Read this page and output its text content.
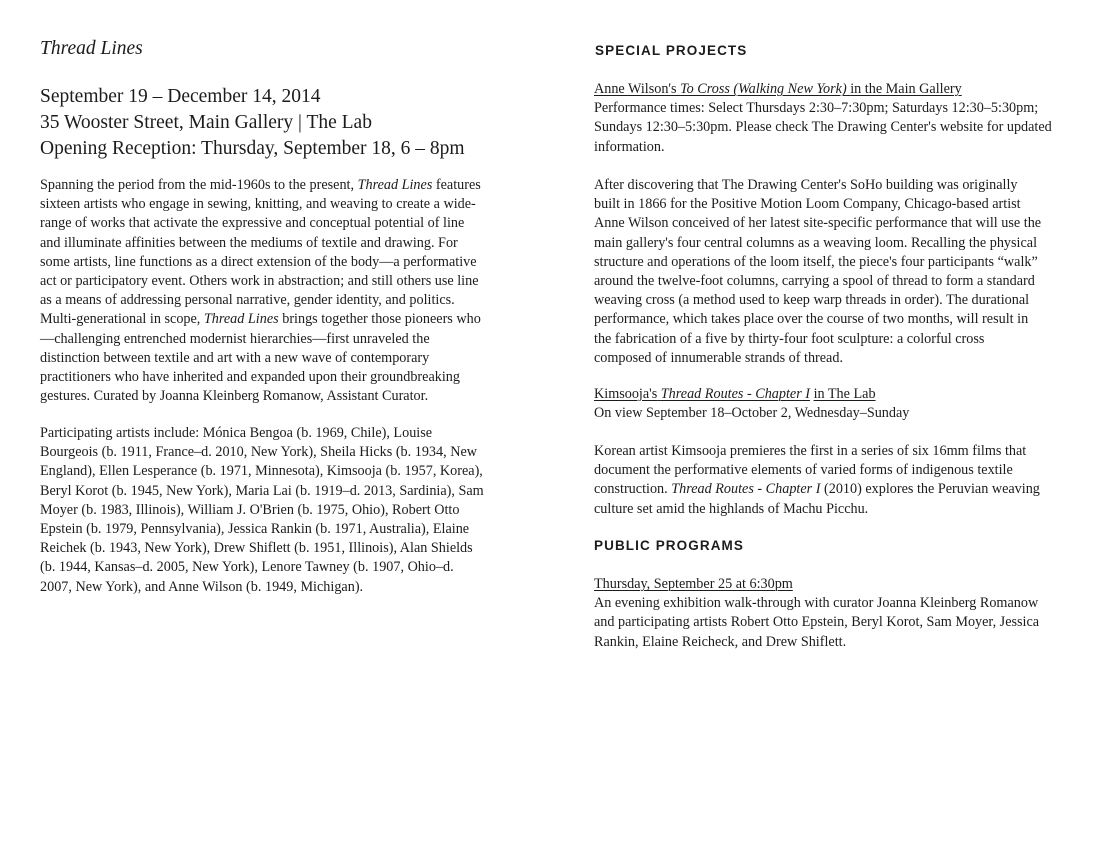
Thread Lines
September 19 – December 14, 2014
35 Wooster Street, Main Gallery | The Lab
Opening Reception: Thursday, September 18, 6 – 8pm

Spanning the period from the mid-1960s to the present, Thread Lines features sixteen artists who engage in sewing, knitting, and weaving to create a wide-range of works that activate the expressive and conceptual potential of line and illuminate affinities between the mediums of textile and drawing. For some artists, line functions as a direct extension of the body—a performative act or participatory event. Others work in abstraction; and still others use line as a means of addressing personal narrative, gender identity, and politics. Multi-generational in scope, Thread Lines brings together those pioneers who—challenging entrenched modernist hierarchies—first unraveled the distinction between textile and art with a new wave of contemporary practitioners who have inherited and expanded upon their groundbreaking gestures. Curated by Joanna Kleinberg Romanow, Assistant Curator.

Participating artists include: Mónica Bengoa (b. 1969, Chile), Louise Bourgeois (b. 1911, France–d. 2010, New York), Sheila Hicks (b. 1934, New England), Ellen Lesperance (b. 1971, Minnesota), Kimsooja (b. 1957, Korea), Beryl Korot (b. 1945, New York), Maria Lai (b. 1919–d. 2013, Sardinia), Sam Moyer (b. 1983, Illinois), William J. O'Brien (b. 1975, Ohio), Robert Otto Epstein (b. 1979, Pennsylvania), Jessica Rankin (b. 1971, Australia), Elaine Reichek (b. 1943, New York), Drew Shiflett (b. 1951, Illinois), Alan Shields (b. 1944, Kansas–d. 2005, New York), Lenore Tawney (b. 1907, Ohio–d. 2007, New York), and Anne Wilson (b. 1949, Michigan).

SPECIAL PROJECTS

Anne Wilson's To Cross (Walking New York) in the Main Gallery

Performance times: Select Thursdays 2:30–7:30pm; Saturdays 12:30–5:30pm; Sundays 12:30–5:30pm. Please check The Drawing Center's website for updated information.

After discovering that The Drawing Center's SoHo building was originally built in 1866 for the Positive Motion Loom Company, Chicago-based artist Anne Wilson conceived of her latest site-specific performance that will use the main gallery's four central columns as a weaving loom. Recalling the physical structure and operations of the loom itself, the piece's four participants “walk” around the twelve-foot columns, carrying a spool of thread to form a standard weaving cross (a method used to keep warp threads in order). The durational performance, which takes place over the course of two months, will result in the fabrication of a five by thirty-four foot sculpture: a colorful cross composed of innumerable strands of thread.

Kimsooja's Thread Routes - Chapter I in The Lab

On view September 18–October 2, Wednesday–Sunday

Korean artist Kimsooja premieres the first in a series of six 16mm films that document the performative elements of varied forms of indigenous textile construction. Thread Routes - Chapter I (2010) explores the Peruvian weaving culture set amid the highlands of Machu Picchu.

PUBLIC PROGRAMS

Thursday, September 25 at 6:30pm

An evening exhibition walk-through with curator Joanna Kleinberg Romanow and participating artists Robert Otto Epstein, Beryl Korot, Sam Moyer, Jessica Rankin, Elaine Reicheck, and Drew Shiflett.
